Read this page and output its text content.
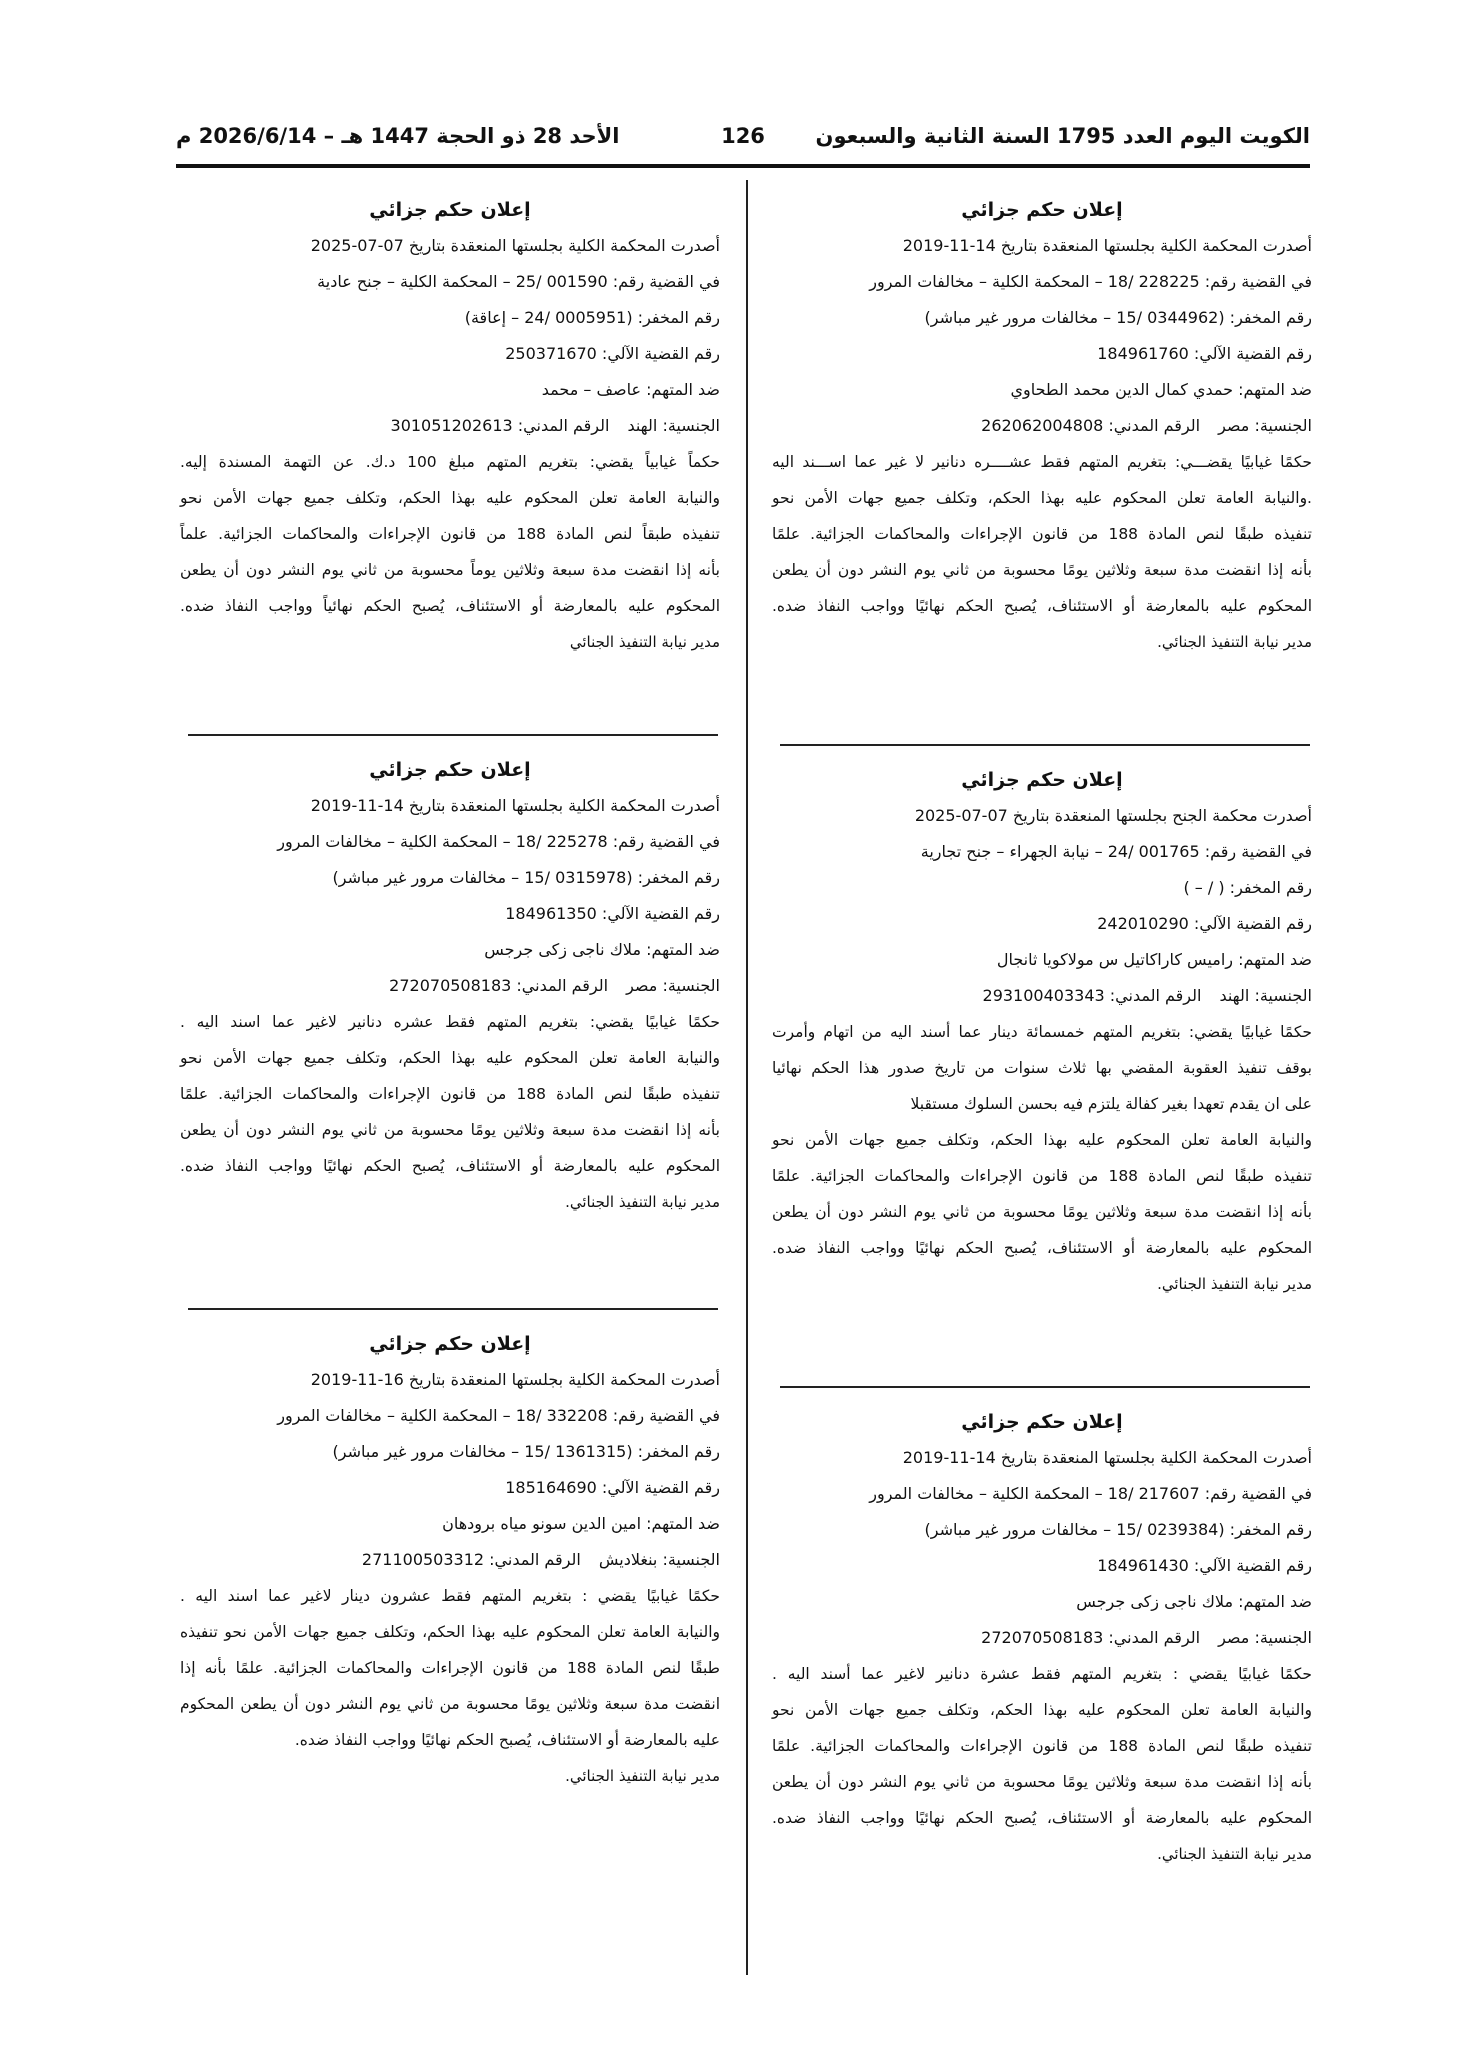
الكويت اليوم العدد 1795 السنة الثانية والسبعون
126
الأحد 28 ذو الحجة 1447 هـ – 2026/6/14 م
إعلان حكم جزائي
أصدرت المحكمة الكلية بجلستها المنعقدة بتاريخ 14-11-2019
في القضية رقم: 228225 /18 – المحكمة الكلية – مخالفات المرور
رقم المخفر: (0344962 /15 – مخالفات مرور غير مباشر)
رقم القضية الآلي: 184961760
ضد المتهم: حمدي كمال الدين محمد الطحاوي
الجنسية: مصر
الرقم المدني: 262062004808
حكمًا غيابيًا يقضـــي: بتغريم المتهم فقط عشــــره دنانير لا غير عما اســـند اليه
.والنيابة العامة تعلن المحكوم عليه بهذا الحكم، وتكلف جميع جهات الأمن نحو
تنفيذه طبقًا لنص المادة 188 من قانون الإجراءات والمحاكمات الجزائية. علمًا
بأنه إذا انقضت مدة سبعة وثلاثين يومًا محسوبة من ثاني يوم النشر دون أن يطعن
المحكوم عليه بالمعارضة أو الاستئناف، يُصبح الحكم نهائيًا وواجب النفاذ ضده.
مدير نيابة التنفيذ الجنائي.
إعلان حكم جزائي
أصدرت محكمة الجنح بجلستها المنعقدة بتاريخ 07-07-2025
في القضية رقم: 001765 /24 – نيابة الجهراء – جنح تجارية
رقم المخفر: ( / – )
رقم القضية الآلي: 242010290
ضد المتهم: راميس كاراكاتيل س مولاكويا ثانجال
الجنسية: الهند
الرقم المدني: 293100403343
حكمًا غيابيًا يقضي: بتغريم المتهم خمسمائة دينار عما أسند اليه من اتهام وأمرت
بوقف تنفيذ العقوبة المقضي بها ثلاث سنوات من تاريخ صدور هذا الحكم نهائيا
على ان يقدم تعهدا بغير كفالة يلتزم فيه بحسن السلوك مستقبلا
والنيابة العامة تعلن المحكوم عليه بهذا الحكم، وتكلف جميع جهات الأمن نحو
تنفيذه طبقًا لنص المادة 188 من قانون الإجراءات والمحاكمات الجزائية. علمًا
بأنه إذا انقضت مدة سبعة وثلاثين يومًا محسوبة من ثاني يوم النشر دون أن يطعن
المحكوم عليه بالمعارضة أو الاستئناف، يُصبح الحكم نهائيًا وواجب النفاذ ضده.
مدير نيابة التنفيذ الجنائي.
إعلان حكم جزائي
أصدرت المحكمة الكلية بجلستها المنعقدة بتاريخ 14-11-2019
في القضية رقم: 217607 /18 – المحكمة الكلية – مخالفات المرور
رقم المخفر: (0239384 /15 – مخالفات مرور غير مباشر)
رقم القضية الآلي: 184961430
ضد المتهم: ملاك ناجى زكى جرجس
الجنسية: مصر
الرقم المدني: 272070508183
حكمًا غيابيًا يقضي : بتغريم المتهم فقط عشرة دنانير لاغير عما أسند اليه .
والنيابة العامة تعلن المحكوم عليه بهذا الحكم، وتكلف جميع جهات الأمن نحو
تنفيذه طبقًا لنص المادة 188 من قانون الإجراءات والمحاكمات الجزائية. علمًا
بأنه إذا انقضت مدة سبعة وثلاثين يومًا محسوبة من ثاني يوم النشر دون أن يطعن
المحكوم عليه بالمعارضة أو الاستئناف، يُصبح الحكم نهائيًا وواجب النفاذ ضده.
مدير نيابة التنفيذ الجنائي.
إعلان حكم جزائي
أصدرت المحكمة الكلية بجلستها المنعقدة بتاريخ 07-07-2025
في القضية رقم: 001590 /25 – المحكمة الكلية – جنح عادية
رقم المخفر: (0005951 /24 – إعاقة)
رقم القضية الآلي: 250371670
ضد المتهم: عاصف – محمد
الجنسية: الهند
الرقم المدني: 301051202613
حكماً غيابياً يقضي: بتغريم المتهم مبلغ 100 د.ك. عن التهمة المسندة إليه.
والنيابة العامة تعلن المحكوم عليه بهذا الحكم، وتكلف جميع جهات الأمن نحو
تنفيذه طبقاً لنص المادة 188 من قانون الإجراءات والمحاكمات الجزائية. علماً
بأنه إذا انقضت مدة سبعة وثلاثين يوماً محسوبة من ثاني يوم النشر دون أن يطعن
المحكوم عليه بالمعارضة أو الاستئناف، يُصبح الحكم نهائياً وواجب النفاذ ضده.
مدير نيابة التنفيذ الجنائي
إعلان حكم جزائي
أصدرت المحكمة الكلية بجلستها المنعقدة بتاريخ 14-11-2019
في القضية رقم: 225278 /18 – المحكمة الكلية – مخالفات المرور
رقم المخفر: (0315978 /15 – مخالفات مرور غير مباشر)
رقم القضية الآلي: 184961350
ضد المتهم: ملاك ناجى زكى جرجس
الجنسية: مصر
الرقم المدني: 272070508183
حكمًا غيابيًا يقضي: بتغريم المتهم فقط عشره دنانير لاغير عما اسند اليه .
والنيابة العامة تعلن المحكوم عليه بهذا الحكم، وتكلف جميع جهات الأمن نحو
تنفيذه طبقًا لنص المادة 188 من قانون الإجراءات والمحاكمات الجزائية. علمًا
بأنه إذا انقضت مدة سبعة وثلاثين يومًا محسوبة من ثاني يوم النشر دون أن يطعن
المحكوم عليه بالمعارضة أو الاستئناف، يُصبح الحكم نهائيًا وواجب النفاذ ضده.
مدير نيابة التنفيذ الجنائي.
إعلان حكم جزائي
أصدرت المحكمة الكلية بجلستها المنعقدة بتاريخ 16-11-2019
في القضية رقم: 332208 /18 – المحكمة الكلية – مخالفات المرور
رقم المخفر: (1361315 /15 – مخالفات مرور غير مباشر)
رقم القضية الآلي: 185164690
ضد المتهم: امين الدين سونو مياه برودهان
الجنسية: بنغلاديش
الرقم المدني: 271100503312
حكمًا غيابيًا يقضي : بتغريم المتهم فقط عشرون دينار لاغير عما اسند اليه .
والنيابة العامة تعلن المحكوم عليه بهذا الحكم، وتكلف جميع جهات الأمن نحو تنفيذه
طبقًا لنص المادة 188 من قانون الإجراءات والمحاكمات الجزائية. علمًا بأنه إذا
انقضت مدة سبعة وثلاثين يومًا محسوبة من ثاني يوم النشر دون أن يطعن المحكوم
عليه بالمعارضة أو الاستئناف، يُصبح الحكم نهائيًا وواجب النفاذ ضده.
مدير نيابة التنفيذ الجنائي.
